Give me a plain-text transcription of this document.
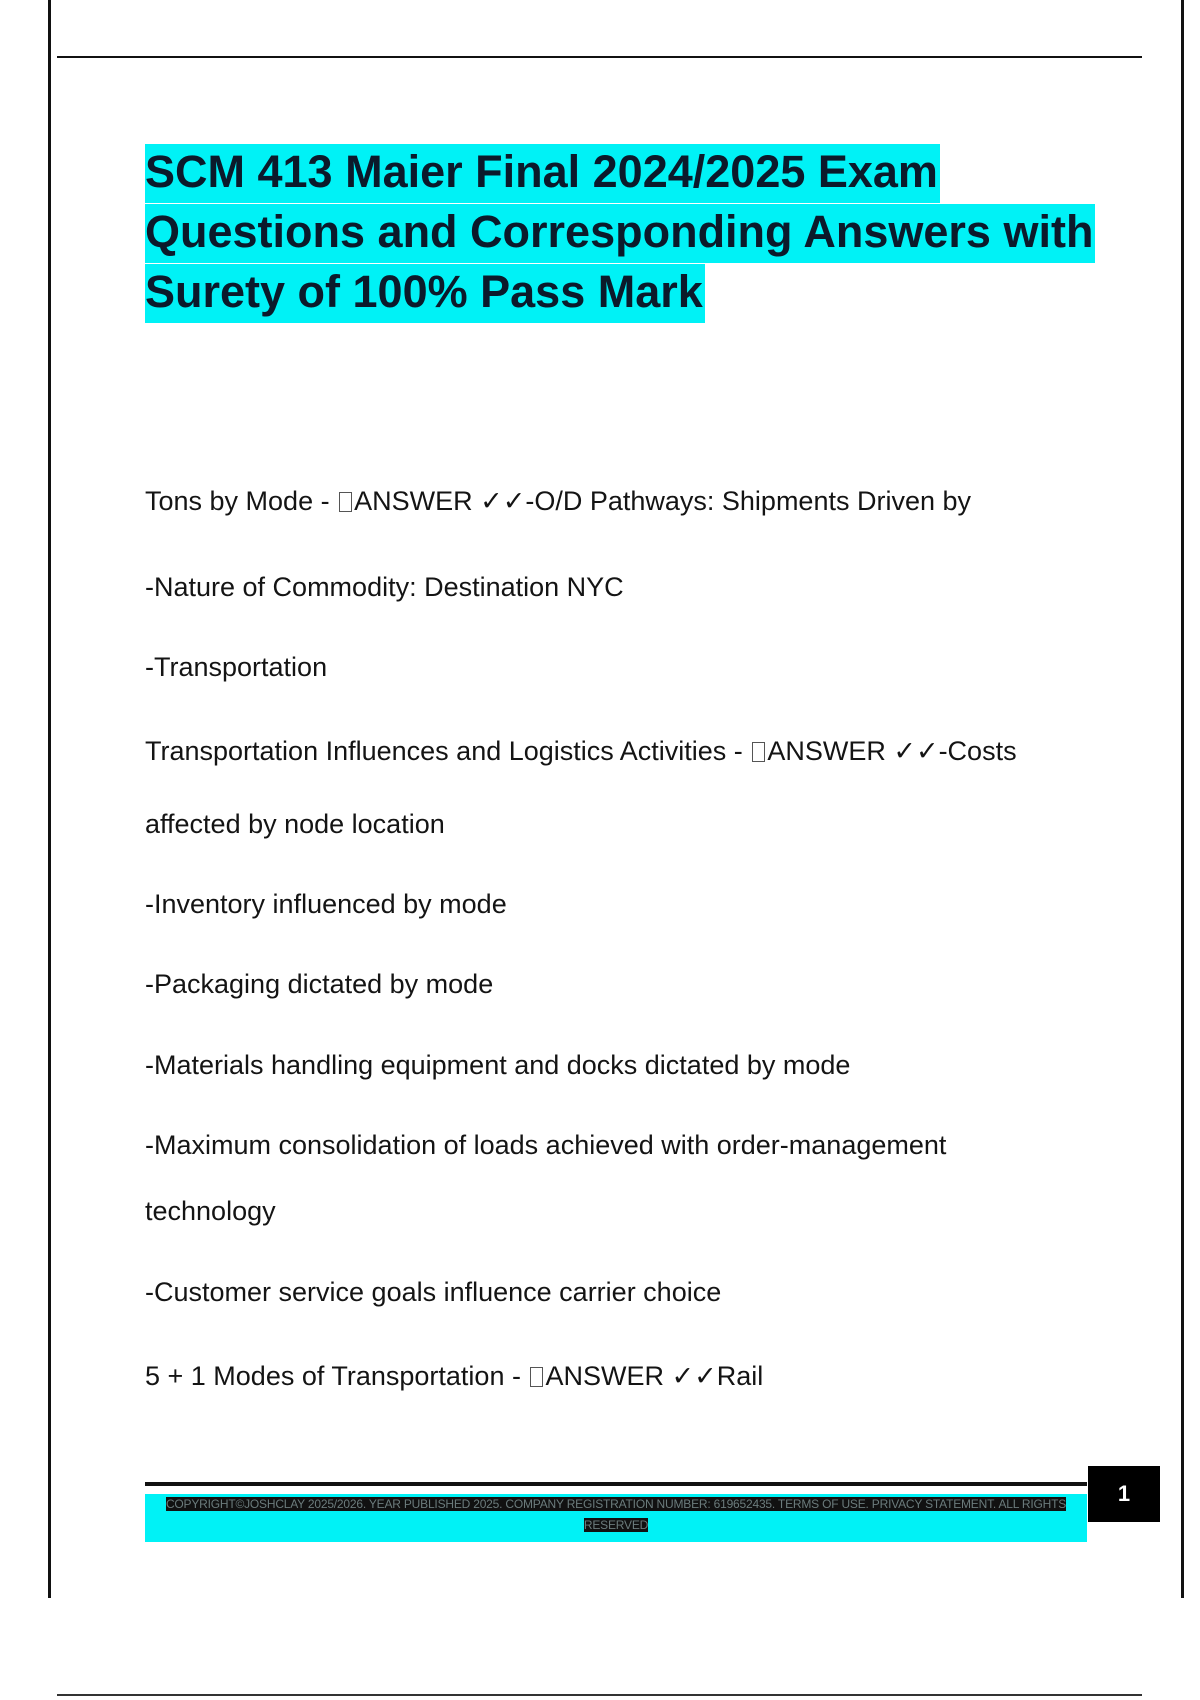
SCM 413 Maier Final 2024/2025 Exam Questions and Corresponding Answers with Surety of 100% Pass Mark
Tons by Mode - ANSWER ✓✓-O/D Pathways: Shipments Driven by
-Nature of Commodity: Destination NYC
-Transportation
Transportation Influences and Logistics Activities - ANSWER ✓✓-Costs
affected by node location
-Inventory influenced by mode
-Packaging dictated by mode
-Materials handling equipment and docks dictated by mode
-Maximum consolidation of loads achieved with order-management
technology
-Customer service goals influence carrier choice
5 + 1 Modes of Transportation - ANSWER ✓✓Rail
COPYRIGHT©JOSHCLAY 2025/2026. YEAR PUBLISHED 2025. COMPANY REGISTRATION NUMBER: 619652435. TERMS OF USE. PRIVACY STATEMENT. ALL RIGHTS RESERVED
1
